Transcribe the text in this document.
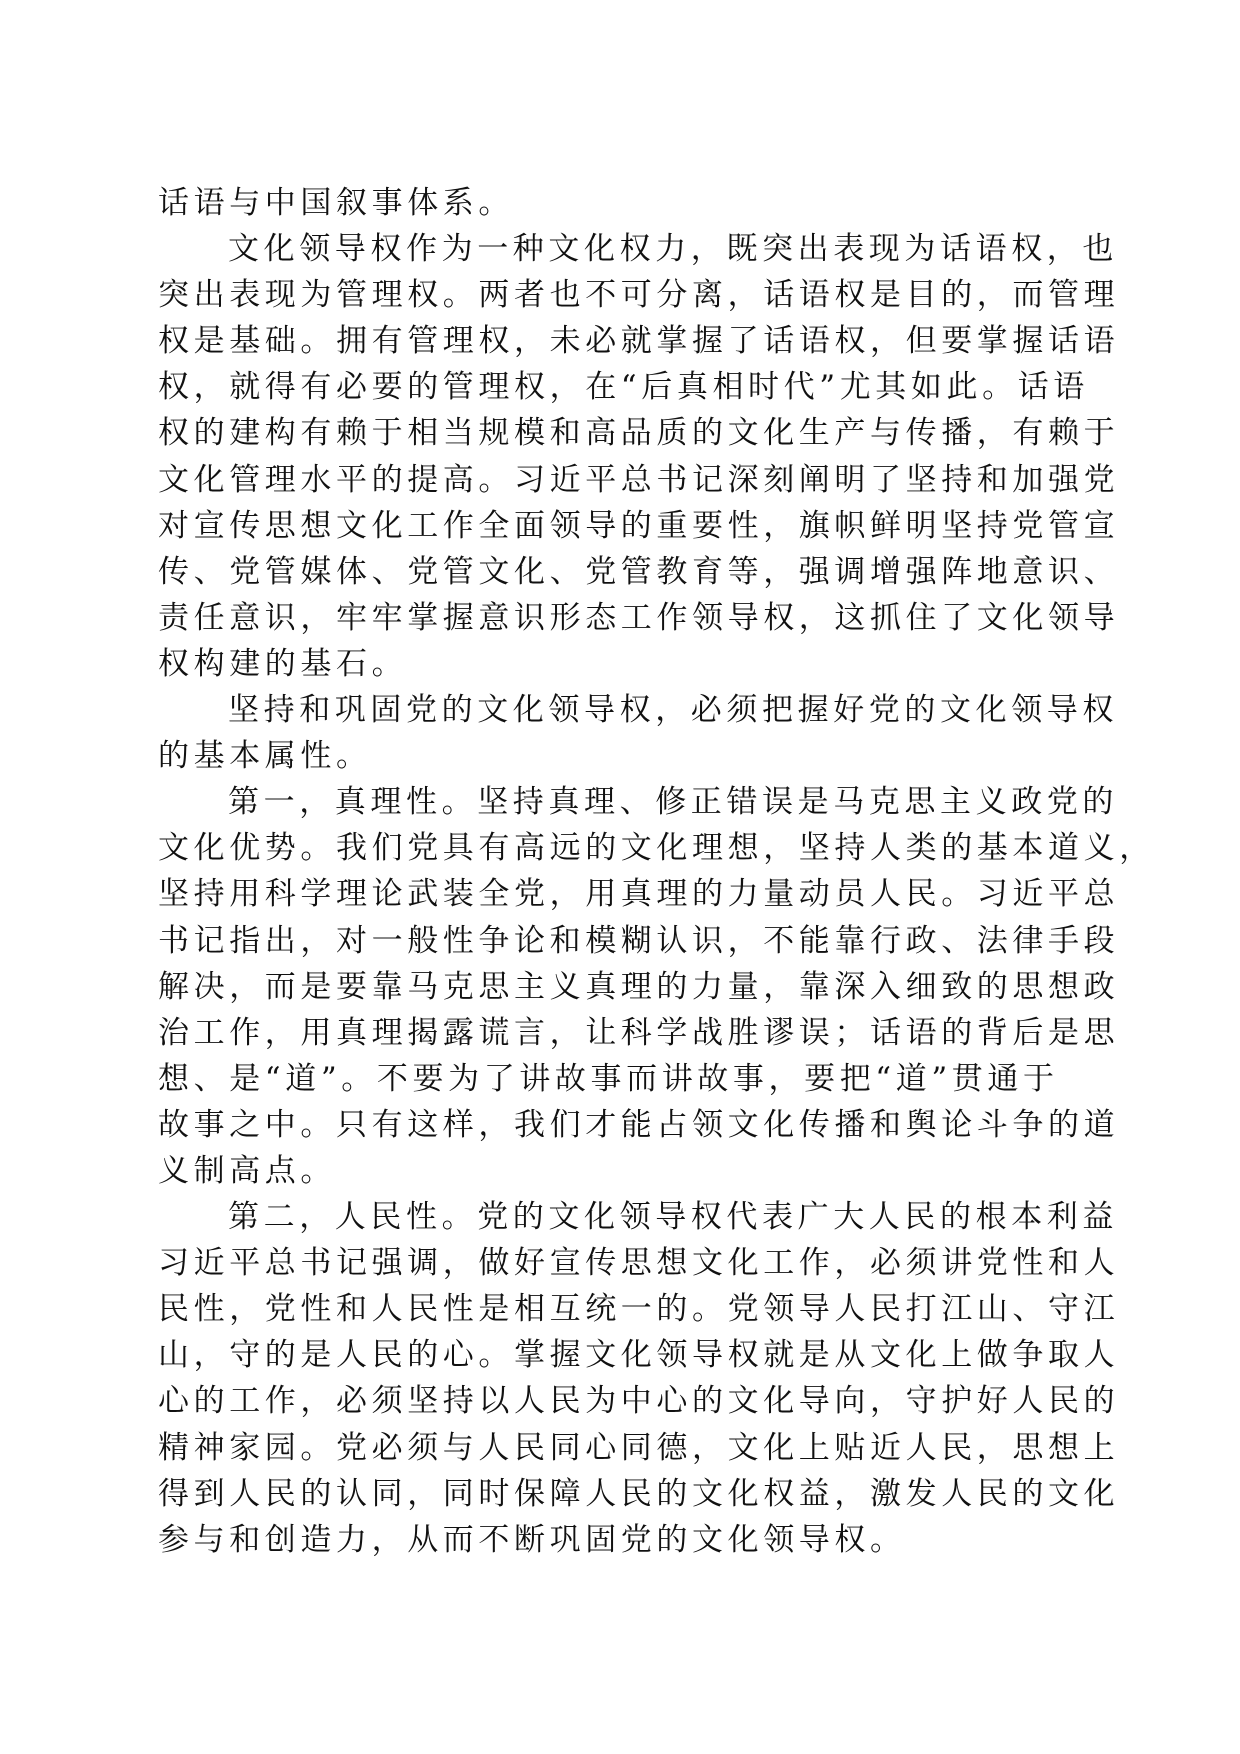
话语与中国叙事体系。
文化领导权作为一种文化权力，既突出表现为话语权，也
突出表现为管理权。两者也不可分离，话语权是目的，而管理
权是基础。拥有管理权，未必就掌握了话语权，但要掌握话语
权，就得有必要的管理权，在“后真相时代”尤其如此。话语
权的建构有赖于相当规模和高品质的文化生产与传播，有赖于
文化管理水平的提高。习近平总书记深刻阐明了坚持和加强党
对宣传思想文化工作全面领导的重要性，旗帜鲜明坚持党管宣
传、党管媒体、党管文化、党管教育等，强调增强阵地意识、
责任意识，牢牢掌握意识形态工作领导权，这抓住了文化领导
权构建的基石。
坚持和巩固党的文化领导权，必须把握好党的文化领导权
的基本属性。
第一，真理性。坚持真理、修正错误是马克思主义政党的
文化优势。我们党具有高远的文化理想，坚持人类的基本道义，
坚持用科学理论武装全党，用真理的力量动员人民。习近平总
书记指出，对一般性争论和模糊认识，不能靠行政、法律手段
解决，而是要靠马克思主义真理的力量，靠深入细致的思想政
治工作，用真理揭露谎言，让科学战胜谬误；话语的背后是思
想、是“道”。不要为了讲故事而讲故事，要把“道”贯通于
故事之中。只有这样，我们才能占领文化传播和舆论斗争的道
义制高点。
第二，人民性。党的文化领导权代表广大人民的根本利益
习近平总书记强调，做好宣传思想文化工作，必须讲党性和人
民性，党性和人民性是相互统一的。党领导人民打江山、守江
山，守的是人民的心。掌握文化领导权就是从文化上做争取人
心的工作，必须坚持以人民为中心的文化导向，守护好人民的
精神家园。党必须与人民同心同德，文化上贴近人民，思想上
得到人民的认同，同时保障人民的文化权益，激发人民的文化
参与和创造力，从而不断巩固党的文化领导权。
